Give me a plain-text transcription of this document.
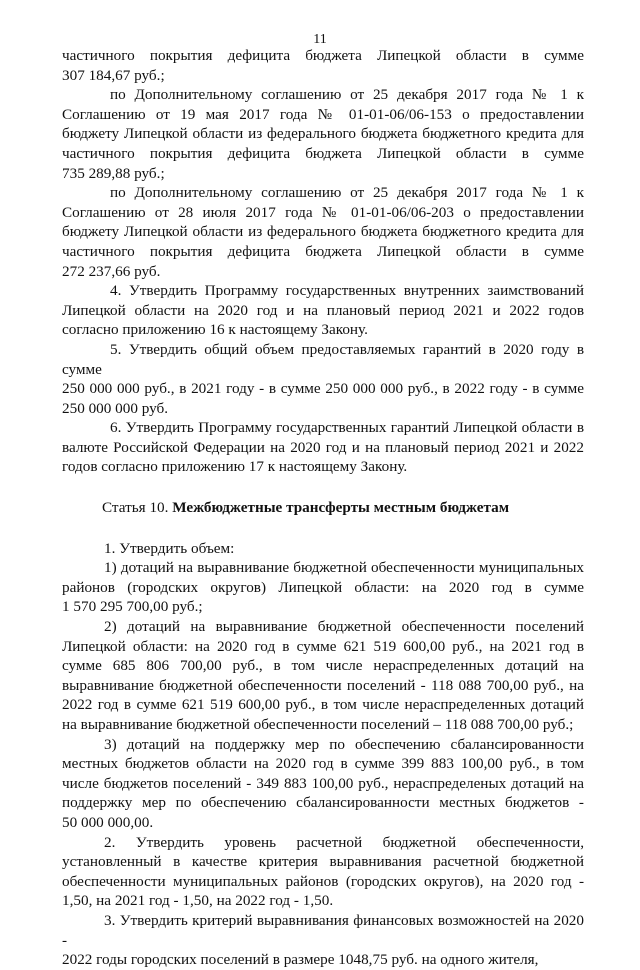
11

частичного покрытия дефицита бюджета Липецкой области в сумме

307 184,67 руб.;

по Дополнительному соглашению от 25 декабря 2017 года № 1 к

Соглашению от 19 мая 2017 года № 01-01-06/06-153 о предоставлении

бюджету Липецкой области из федерального бюджета бюджетного кредита для

частичного покрытия дефицита бюджета Липецкой области в сумме

735 289,88 руб.;

по Дополнительному соглашению от 25 декабря 2017 года № 1 к

Соглашению от 28 июля 2017 года № 01-01-06/06-203 о предоставлении

бюджету Липецкой области из федерального бюджета бюджетного кредита для

частичного покрытия дефицита бюджета Липецкой области в сумме

272 237,66 руб.

4. Утвердить Программу государственных внутренних заимствований

Липецкой области на 2020 год и на плановый период 2021 и 2022 годов

согласно приложению 16 к настоящему Закону.

5. Утвердить общий объем предоставляемых гарантий в 2020 году в сумме

250 000 000 руб., в 2021 году - в сумме 250 000 000 руб., в 2022 году - в сумме

250 000 000 руб.

6. Утвердить Программу государственных гарантий Липецкой области в

валюте Российской Федерации на 2020 год и на плановый период 2021 и 2022

годов согласно приложению 17 к настоящему Закону.

Статья 10. Межбюджетные трансферты местным бюджетам

1. Утвердить объем:

1) дотаций на выравнивание бюджетной обеспеченности муниципальных

районов (городских округов) Липецкой области: на 2020 год в сумме

1 570 295 700,00 руб.;

2) дотаций на выравнивание бюджетной обеспеченности поселений

Липецкой области: на 2020 год в сумме 621 519 600,00 руб., на 2021 год в

сумме 685 806 700,00 руб., в том числе нераспределенных дотаций на

выравнивание бюджетной обеспеченности поселений - 118 088 700,00 руб., на

2022 год в сумме 621 519 600,00 руб., в том числе нераспределенных дотаций

на выравнивание бюджетной обеспеченности поселений – 118 088 700,00 руб.;

3) дотаций на поддержку мер по обеспечению сбалансированности

местных бюджетов области на 2020 год в сумме 399 883 100,00 руб., в том

числе бюджетов поселений - 349 883 100,00 руб., нераспределеных дотаций на

поддержку мер по обеспечению сбалансированности местных бюджетов -

50 000 000,00.

2. Утвердить уровень расчетной бюджетной обеспеченности,

установленный в качестве критерия выравнивания расчетной бюджетной

обеспеченности муниципальных районов (городских округов), на 2020 год -

1,50, на 2021 год - 1,50, на 2022 год - 1,50.

3. Утвердить критерий выравнивания финансовых возможностей на 2020 -

2022 годы городских поселений в размере 1048,75 руб. на одного жителя,
